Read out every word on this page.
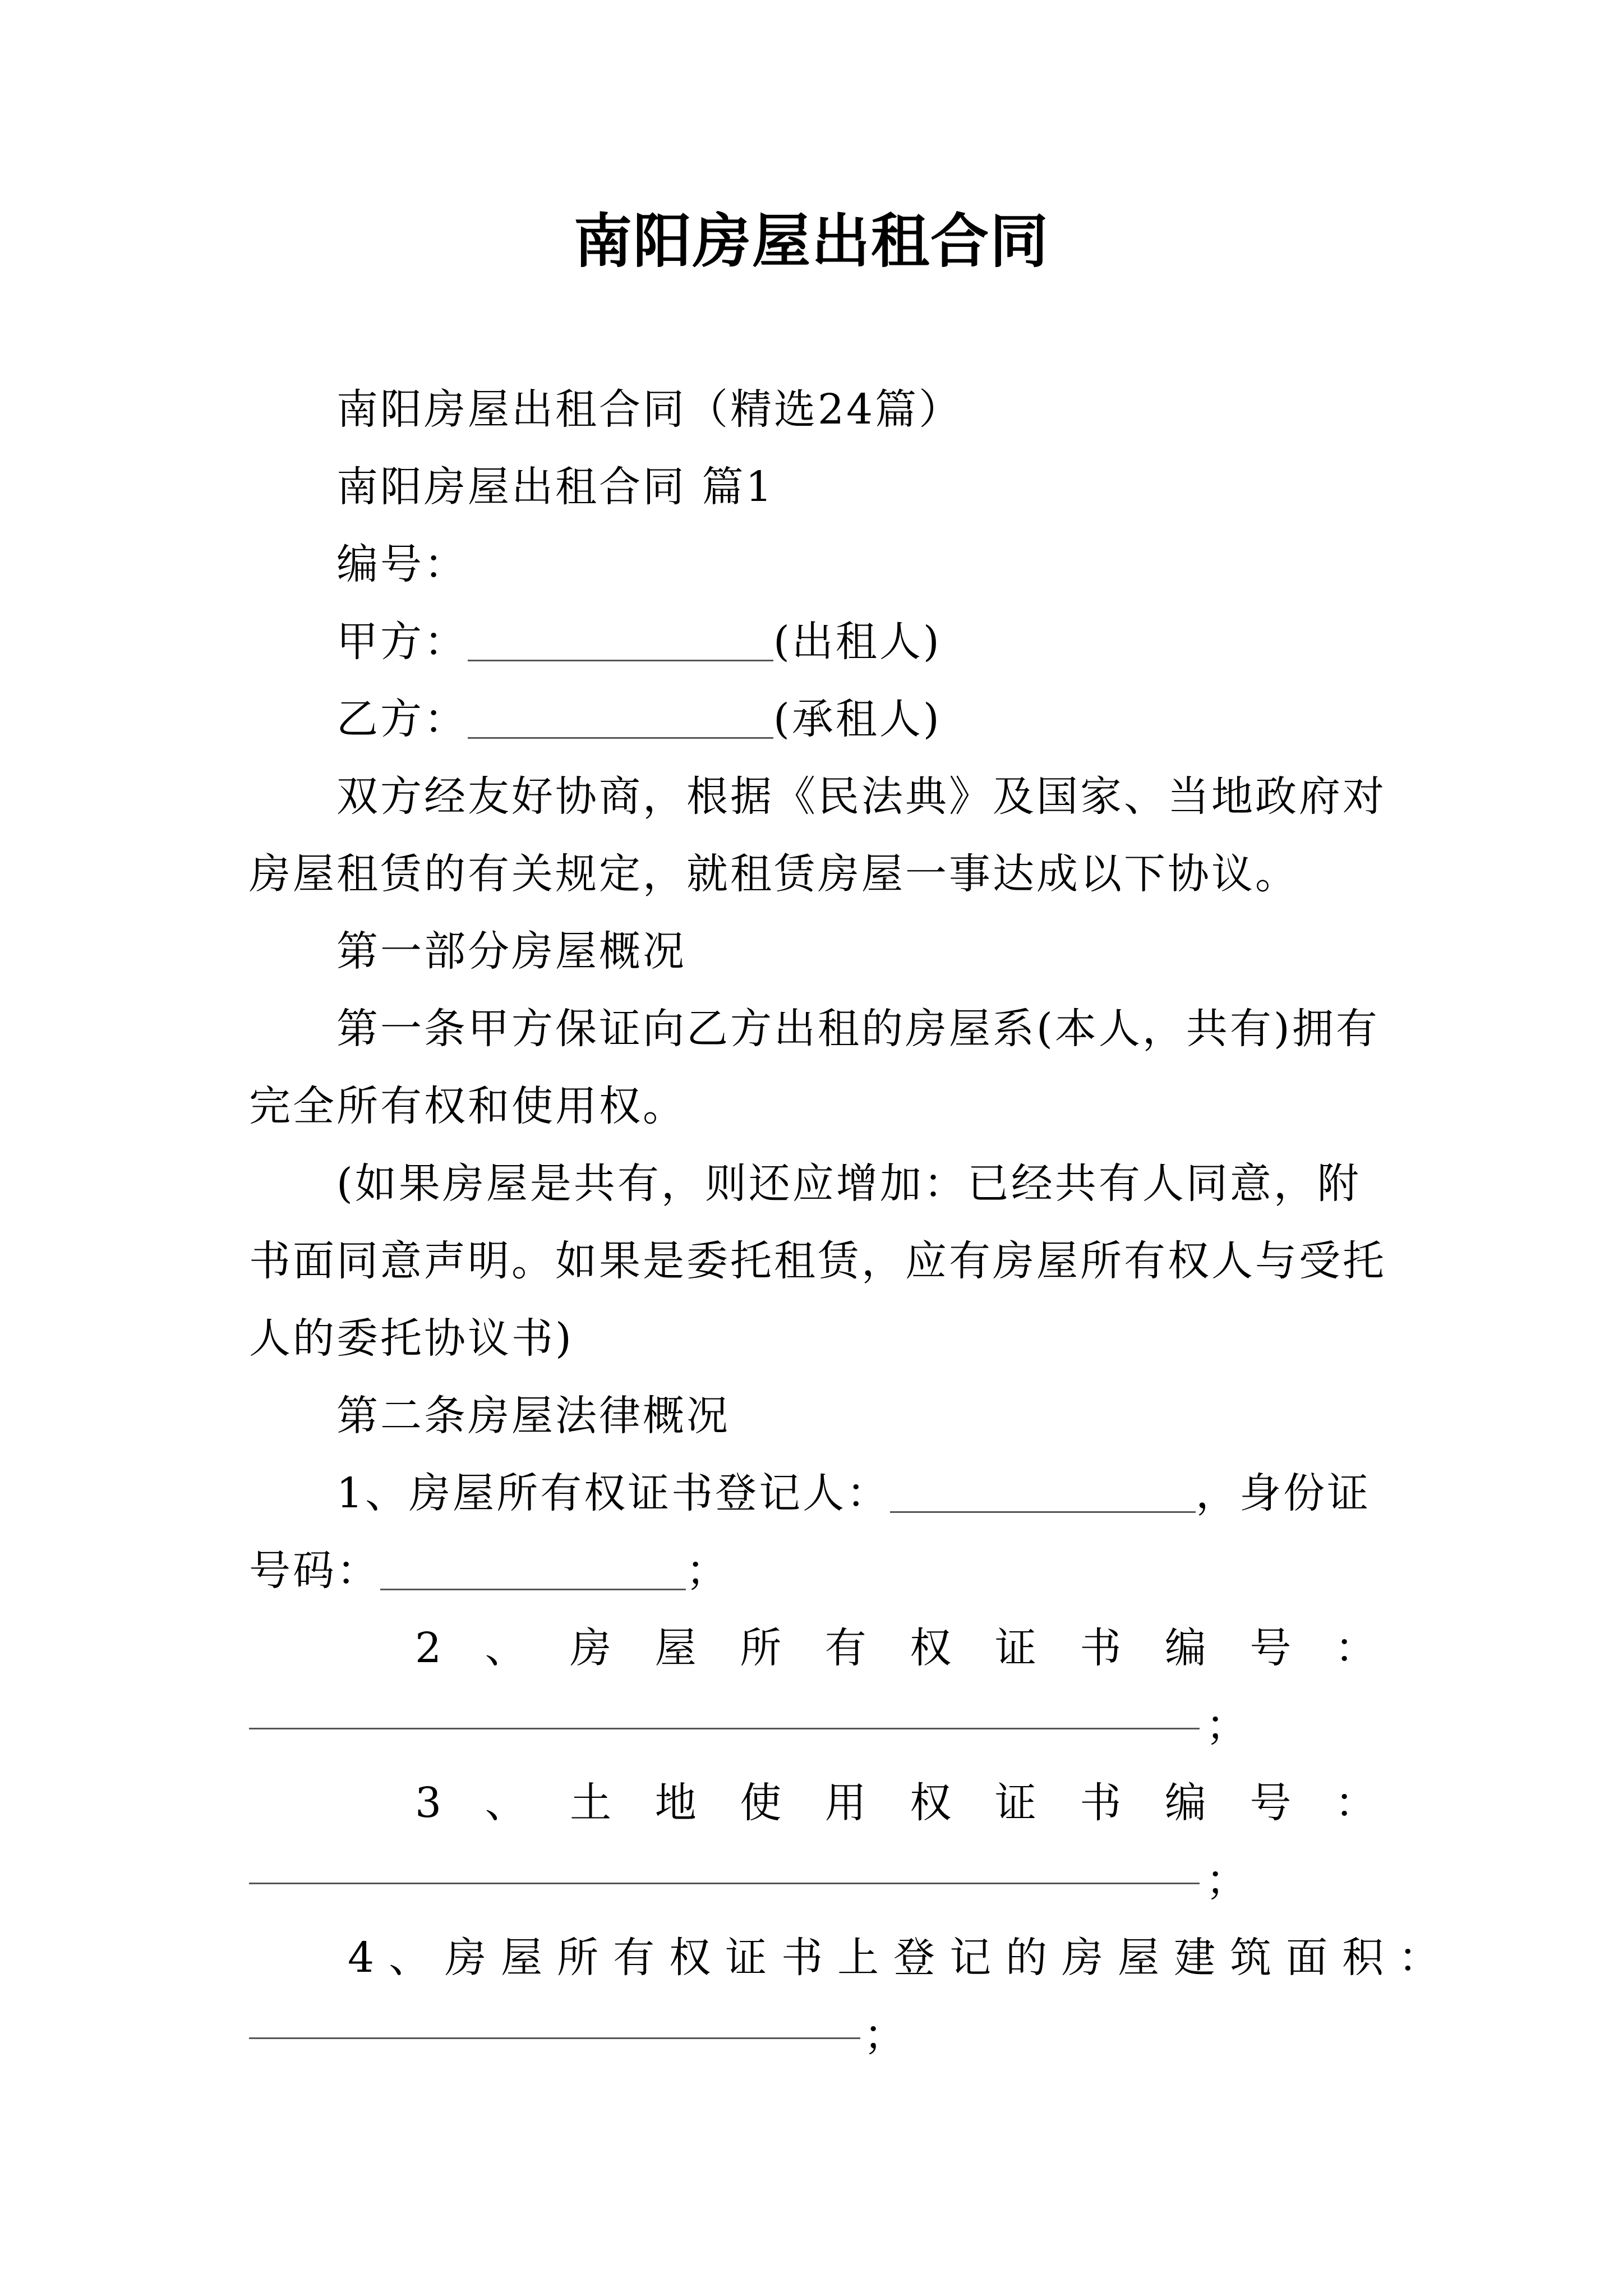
南阳房屋出租合同
南阳房屋出租合同（精选24篇）
南阳房屋出租合同 篇1
编号：
甲方：	(出租人)
乙方：	(承租人)
双方经友好协商，根据《民法典》及国家、当地政府对
房屋租赁的有关规定，就租赁房屋一事达成以下协议。
第一部分房屋概况
第一条甲方保证向乙方出租的房屋系(本人，共有)拥有
完全所有权和使用权。
(如果房屋是共有，则还应增加：已经共有人同意，附
书面同意声明。如果是委托租赁，应有房屋所有权人与受托
人的委托协议书)
第二条房屋法律概况
1、房屋所有权证书登记人：	，身份证
号码：	；
2 、 房 屋 所 有 权 证 书 编 号 ：
；
3 、 土 地 使 用 权 证 书 编 号 ：
；
4、房屋所有权证书上登记的房屋建筑面积：
；
